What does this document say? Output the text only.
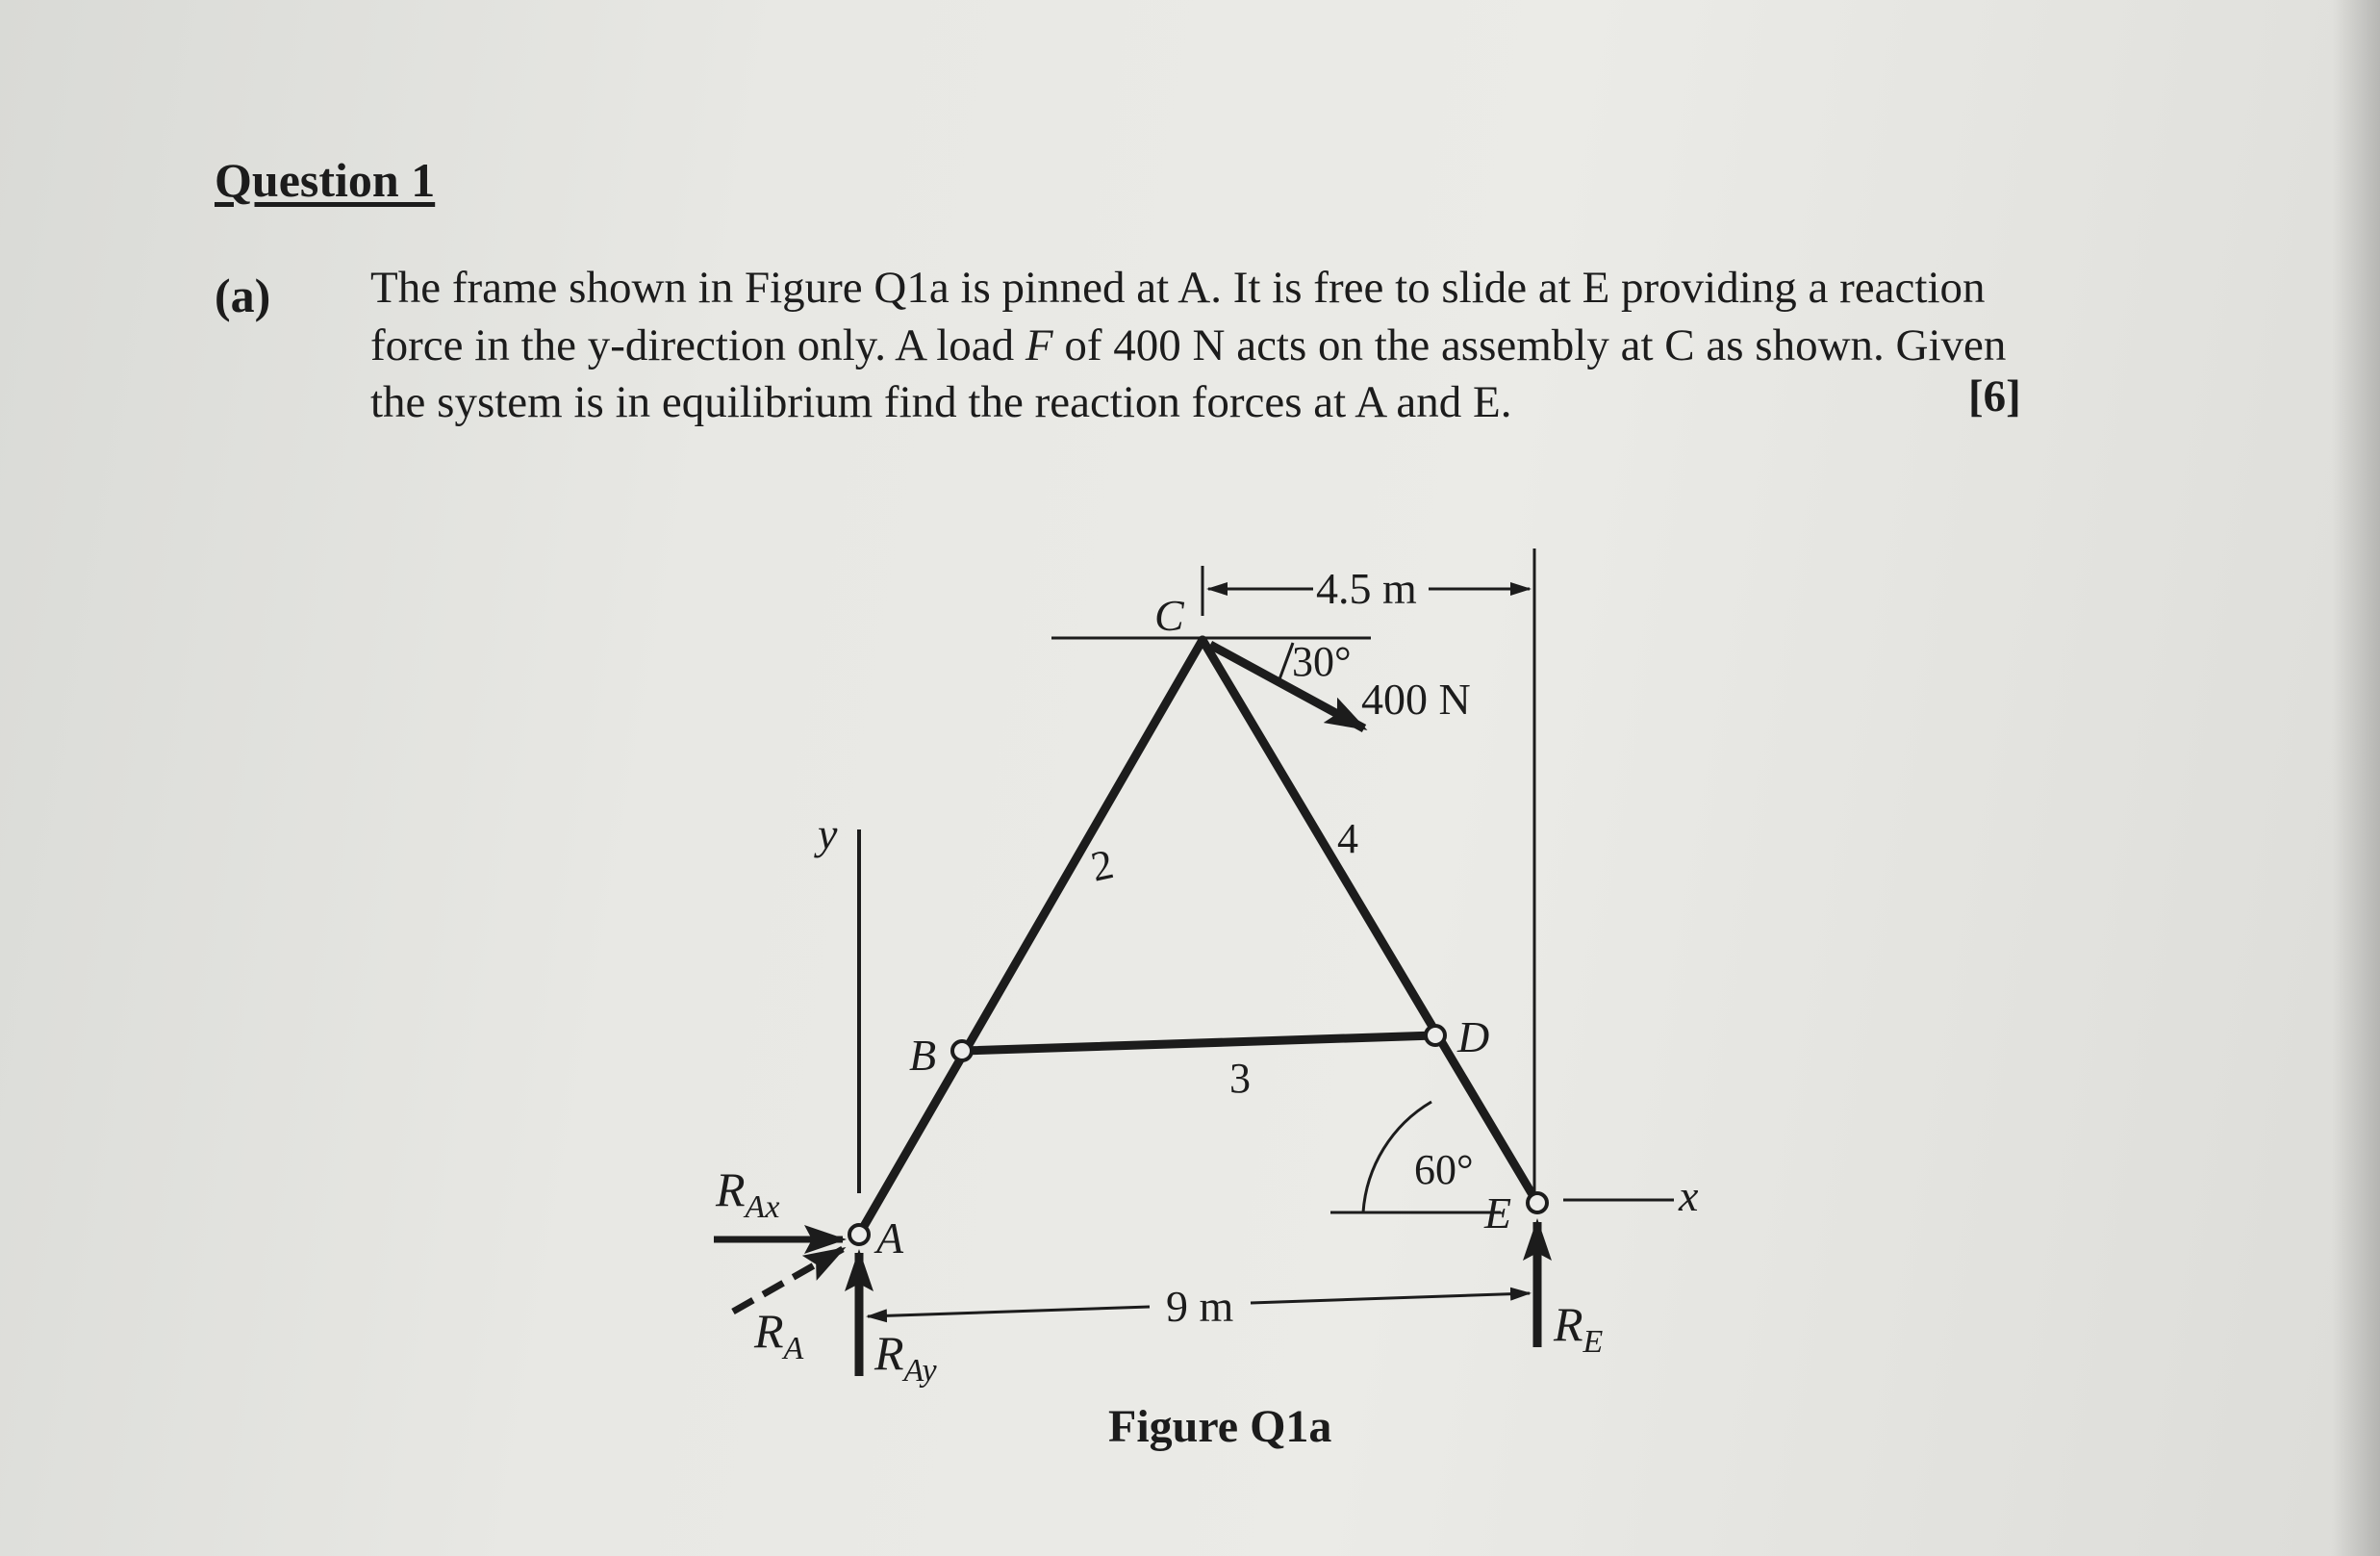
Question 1
(a) The frame shown in Figure Q1a is pinned at A. It is free to slide at E providing a reaction
force in the y-direction only. A load F of 400 N acts on the assembly at C as shown. Given
the system is in equilibrium find the reaction forces at A and E.	[6]
C
B	D
A
E
2
3
4
4.5 m
9 m
30°
60°
400 N
y
x
$R_{Ax}$
$R_A$ $R_{Ay}$
$R_E$
Figure Q1a
